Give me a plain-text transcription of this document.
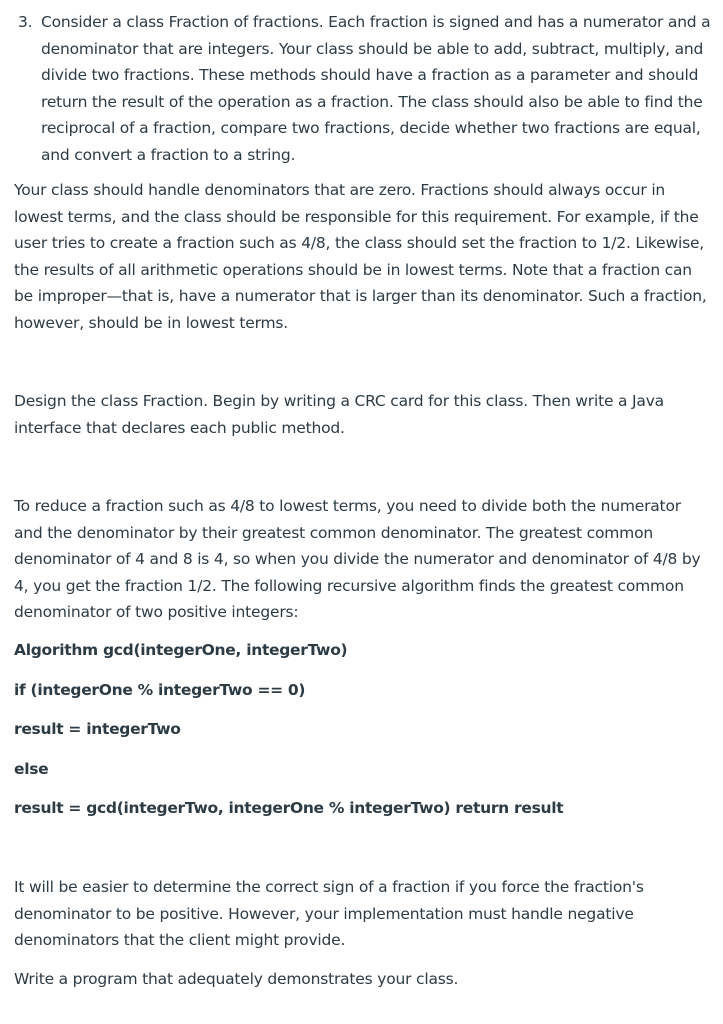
3. Consider a class Fraction of fractions. Each fraction is signed and has a numerator and a denominator that are integers. Your class should be able to add, subtract, multiply, and divide two fractions. These methods should have a fraction as a parameter and should return the result of the operation as a fraction. The class should also be able to find the reciprocal of a fraction, compare two fractions, decide whether two fractions are equal, and convert a fraction to a string.

Your class should handle denominators that are zero. Fractions should always occur in lowest terms, and the class should be responsible for this requirement. For example, if the user tries to create a fraction such as 4/8, the class should set the fraction to 1/2. Likewise, the results of all arithmetic operations should be in lowest terms. Note that a fraction can be improper—that is, have a numerator that is larger than its denominator. Such a fraction, however, should be in lowest terms.

Design the class Fraction. Begin by writing a CRC card for this class. Then write a Java interface that declares each public method.

To reduce a fraction such as 4/8 to lowest terms, you need to divide both the numerator and the denominator by their greatest common denominator. The greatest common denominator of 4 and 8 is 4, so when you divide the numerator and denominator of 4/8 by 4, you get the fraction 1/2. The following recursive algorithm finds the greatest common denominator of two positive integers:

Algorithm gcd(integerOne, integerTwo)

if (integerOne % integerTwo == 0)

result = integerTwo

else

result = gcd(integerTwo, integerOne % integerTwo) return result

It will be easier to determine the correct sign of a fraction if you force the fraction's denominator to be positive. However, your implementation must handle negative denominators that the client might provide.

Write a program that adequately demonstrates your class.
